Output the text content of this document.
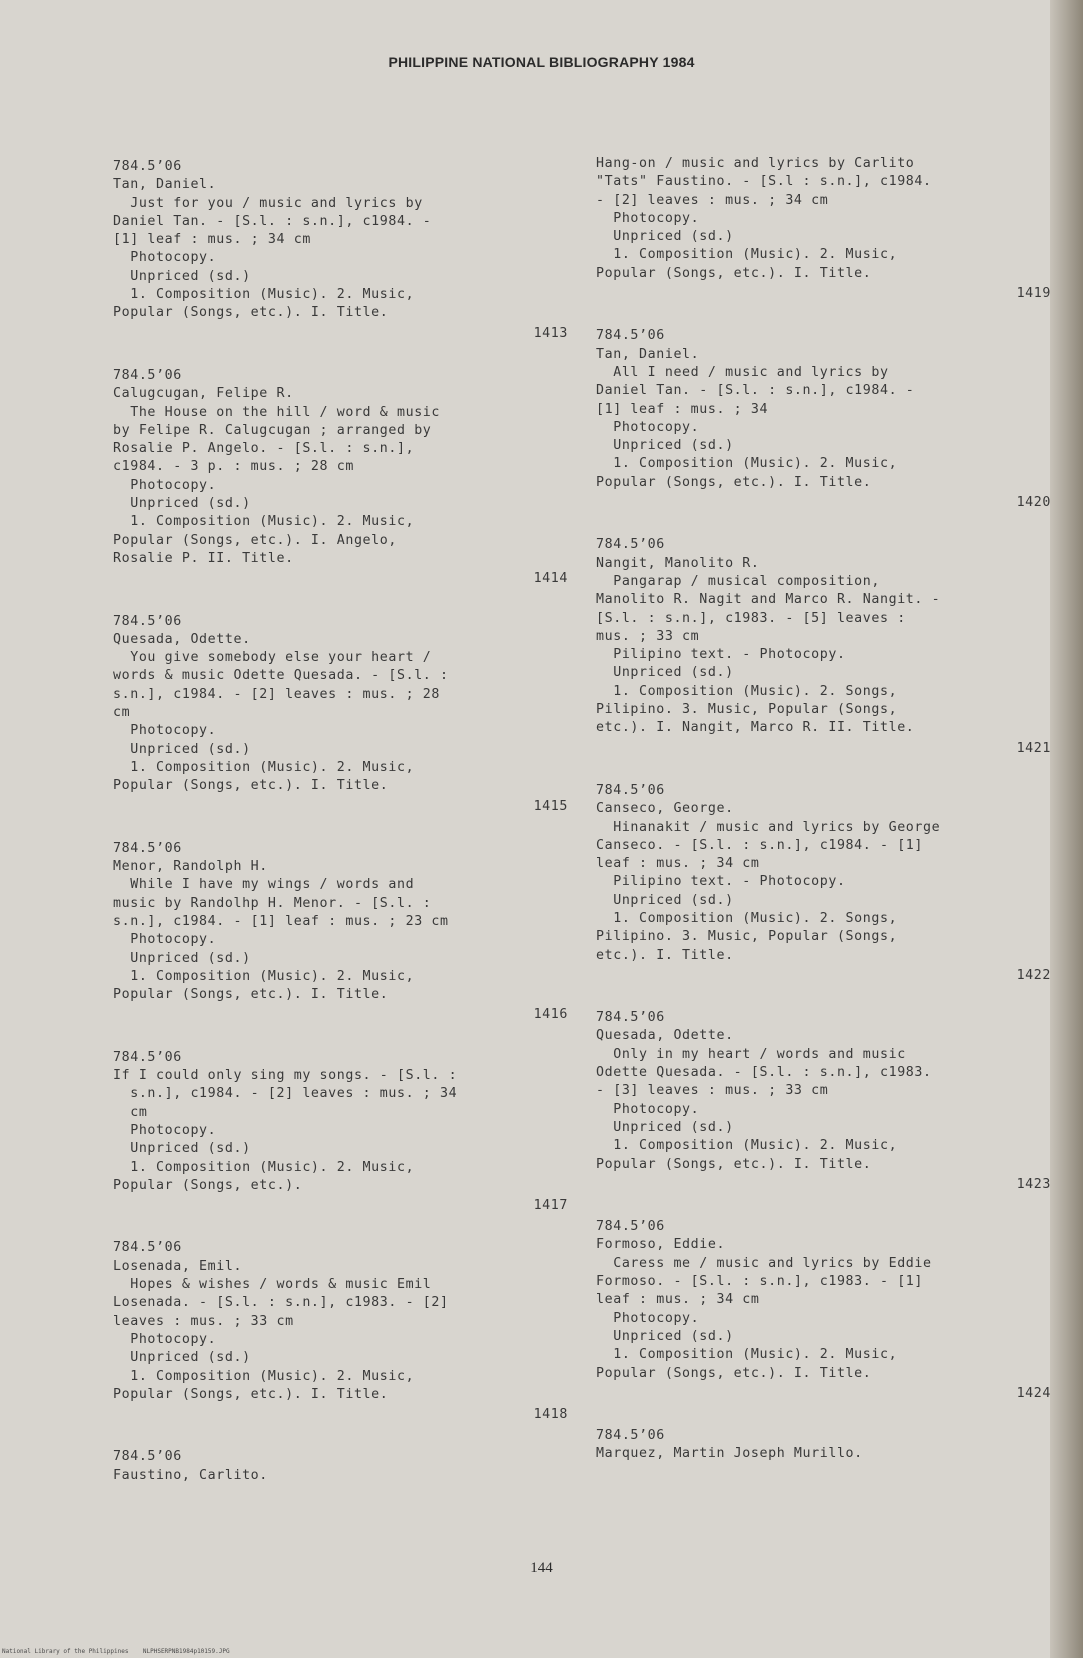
PHILIPPINE NATIONAL BIBLIOGRAPHY 1984
784.5’06
Tan, Daniel.
Just for you / music and lyrics by
Daniel Tan. - [S.l. : s.n.], c1984. -
[1] leaf : mus. ; 34 cm
Photocopy.
Unpriced (sd.)
1. Composition (Music). 2. Music,
Popular (Songs, etc.). I. Title.
1413
784.5’06
Calugcugan, Felipe R.
The House on the hill / word & music
by Felipe R. Calugcugan ; arranged by
Rosalie P. Angelo. - [S.l. : s.n.],
c1984. - 3 p. : mus. ; 28 cm
Photocopy.
Unpriced (sd.)
1. Composition (Music). 2. Music,
Popular (Songs, etc.). I. Angelo,
Rosalie P. II. Title.
1414
784.5’06
Quesada, Odette.
You give somebody else your heart /
words & music Odette Quesada. - [S.l. :
s.n.], c1984. - [2] leaves : mus. ; 28
cm
Photocopy.
Unpriced (sd.)
1. Composition (Music). 2. Music,
Popular (Songs, etc.). I. Title.
1415
784.5’06
Menor, Randolph H.
While I have my wings / words and
music by Randolhp H. Menor. - [S.l. :
s.n.], c1984. - [1] leaf : mus. ; 23 cm
Photocopy.
Unpriced (sd.)
1. Composition (Music). 2. Music,
Popular (Songs, etc.). I. Title.
1416
784.5’06
If I could only sing my songs. - [S.l. :
s.n.], c1984. - [2] leaves : mus. ; 34
cm
Photocopy.
Unpriced (sd.)
1. Composition (Music). 2. Music,
Popular (Songs, etc.).
1417
784.5’06
Losenada, Emil.
Hopes & wishes / words & music Emil
Losenada. - [S.l. : s.n.], c1983. - [2]
leaves : mus. ; 33 cm
Photocopy.
Unpriced (sd.)
1. Composition (Music). 2. Music,
Popular (Songs, etc.). I. Title.
1418
784.5’06
Faustino, Carlito.
Hang-on / music and lyrics by Carlito
"Tats" Faustino. - [S.l : s.n.], c1984.
- [2] leaves : mus. ; 34 cm
Photocopy.
Unpriced (sd.)
1. Composition (Music). 2. Music,
Popular (Songs, etc.). I. Title.
1419
784.5’06
Tan, Daniel.
All I need / music and lyrics by
Daniel Tan. - [S.l. : s.n.], c1984. -
[1] leaf : mus. ; 34
Photocopy.
Unpriced (sd.)
1. Composition (Music). 2. Music,
Popular (Songs, etc.). I. Title.
1420
784.5’06
Nangit, Manolito R.
Pangarap / musical composition,
Manolito R. Nagit and Marco R. Nangit. -
[S.l. : s.n.], c1983. - [5] leaves :
mus. ; 33 cm
Pilipino text. - Photocopy.
Unpriced (sd.)
1. Composition (Music). 2. Songs,
Pilipino. 3. Music, Popular (Songs,
etc.). I. Nangit, Marco R. II. Title.
1421
784.5’06
Canseco, George.
Hinanakit / music and lyrics by George
Canseco. - [S.l. : s.n.], c1984. - [1]
leaf : mus. ; 34 cm
Pilipino text. - Photocopy.
Unpriced (sd.)
1. Composition (Music). 2. Songs,
Pilipino. 3. Music, Popular (Songs,
etc.). I. Title.
1422
784.5’06
Quesada, Odette.
Only in my heart / words and music
Odette Quesada. - [S.l. : s.n.], c1983.
- [3] leaves : mus. ; 33 cm
Photocopy.
Unpriced (sd.)
1. Composition (Music). 2. Music,
Popular (Songs, etc.). I. Title.
1423
784.5’06
Formoso, Eddie.
Caress me / music and lyrics by Eddie
Formoso. - [S.l. : s.n.], c1983. - [1]
leaf : mus. ; 34 cm
Photocopy.
Unpriced (sd.)
1. Composition (Music). 2. Music,
Popular (Songs, etc.). I. Title.
1424
784.5’06
Marquez, Martin Joseph Murillo.
144
National Library of the Philippines    NLPHSERPNB1984p10159.JPG
